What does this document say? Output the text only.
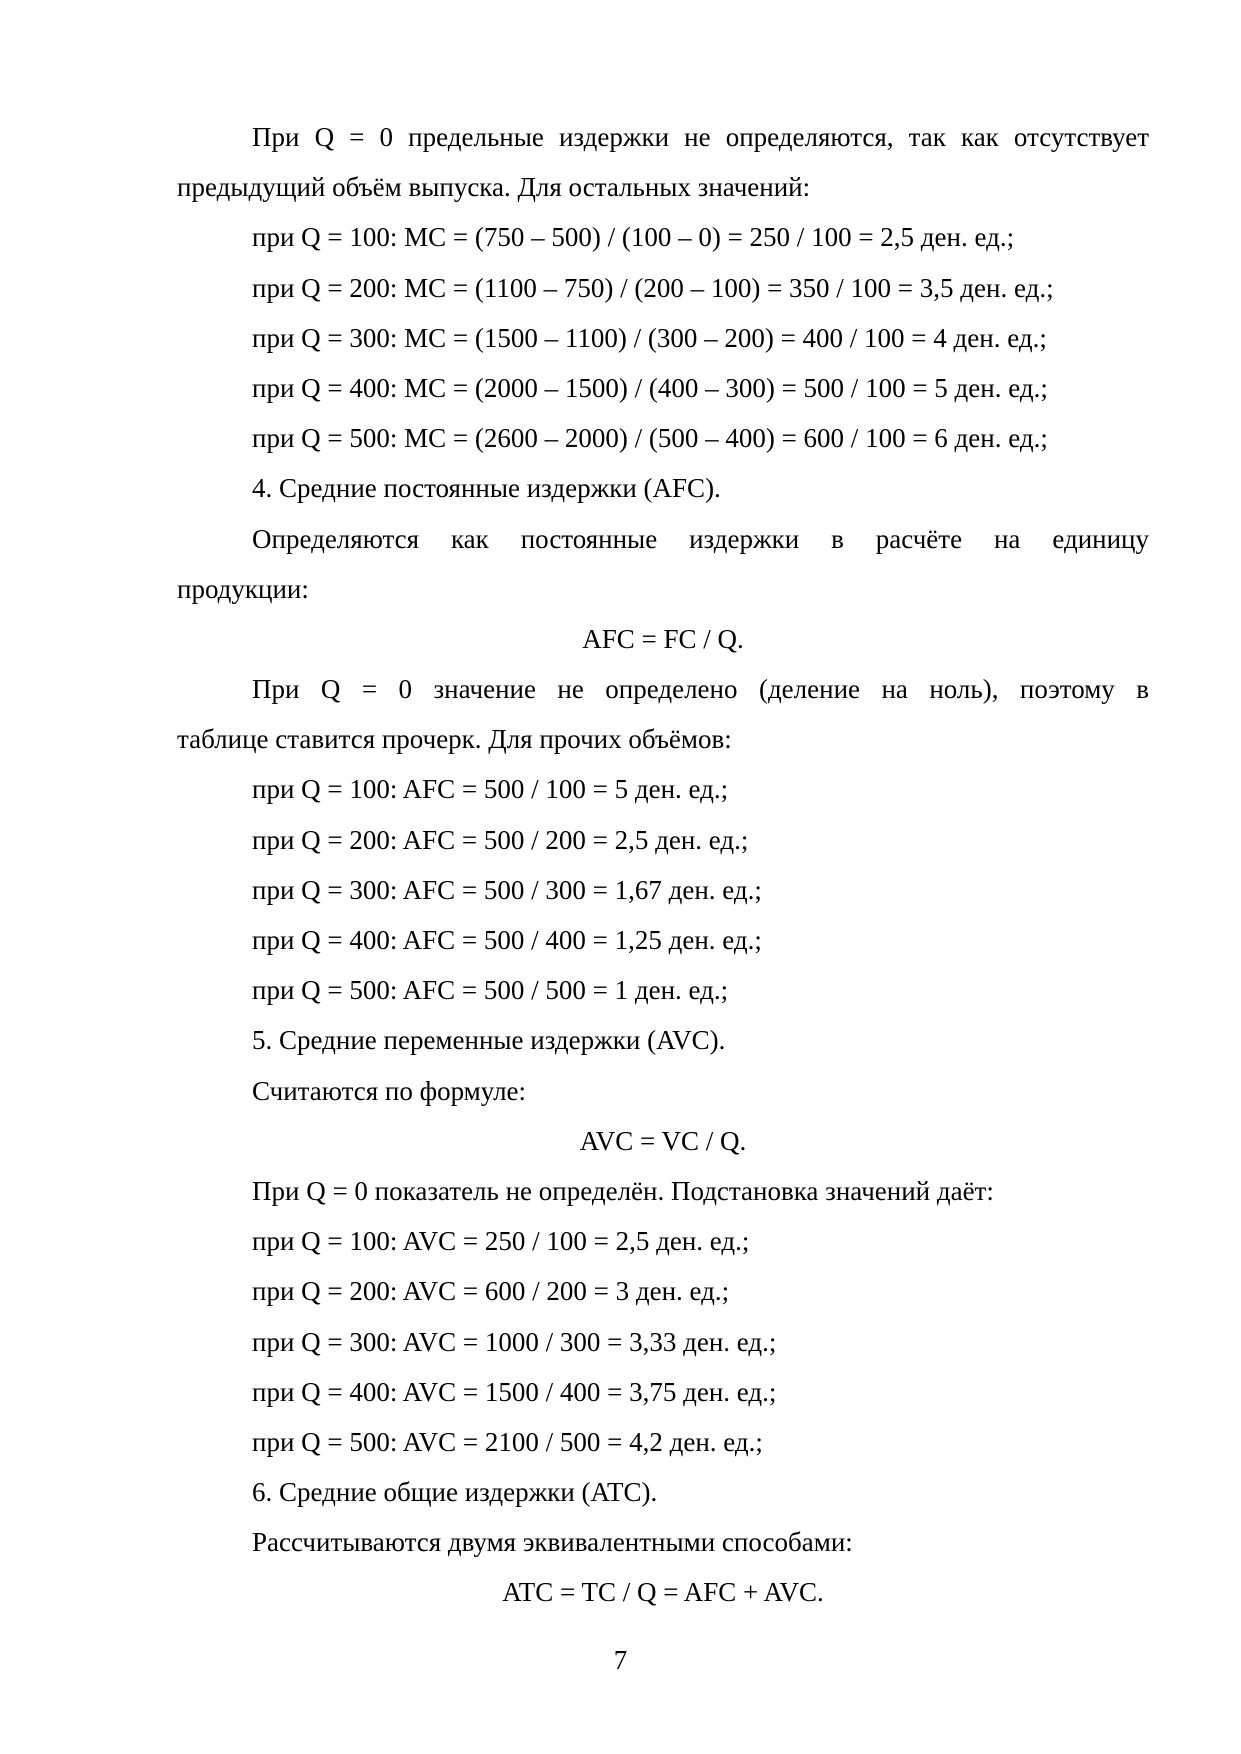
При Q = 0 предельные издержки не определяются, так как отсутствует
предыдущий объём выпуска. Для остальных значений:
при Q = 100: MC = (750 – 500) / (100 – 0) = 250 / 100 = 2,5 ден. ед.;
при Q = 200: MC = (1100 – 750) / (200 – 100) = 350 / 100 = 3,5 ден. ед.;
при Q = 300: MC = (1500 – 1100) / (300 – 200) = 400 / 100 = 4 ден. ед.;
при Q = 400: MC = (2000 – 1500) / (400 – 300) = 500 / 100 = 5 ден. ед.;
при Q = 500: MC = (2600 – 2000) / (500 – 400) = 600 / 100 = 6 ден. ед.;
4. Средние постоянные издержки (AFC).
Определяются как постоянные издержки в расчёте на единицу
продукции:
AFC = FC / Q.
При Q = 0 значение не определено (деление на ноль), поэтому в
таблице ставится прочерк. Для прочих объёмов:
при Q = 100: AFC = 500 / 100 = 5 ден. ед.;
при Q = 200: AFC = 500 / 200 = 2,5 ден. ед.;
при Q = 300: AFC = 500 / 300 = 1,67 ден. ед.;
при Q = 400: AFC = 500 / 400 = 1,25 ден. ед.;
при Q = 500: AFC = 500 / 500 = 1 ден. ед.;
5. Средние переменные издержки (AVC).
Считаются по формуле:
AVC = VC / Q.
При Q = 0 показатель не определён. Подстановка значений даёт:
при Q = 100: AVC = 250 / 100 = 2,5 ден. ед.;
при Q = 200: AVC = 600 / 200 = 3 ден. ед.;
при Q = 300: AVC = 1000 / 300 = 3,33 ден. ед.;
при Q = 400: AVC = 1500 / 400 = 3,75 ден. ед.;
при Q = 500: AVC = 2100 / 500 = 4,2 ден. ед.;
6. Средние общие издержки (ATC).
Рассчитываются двумя эквивалентными способами:
ATC = TC / Q = AFC + AVC.
7
